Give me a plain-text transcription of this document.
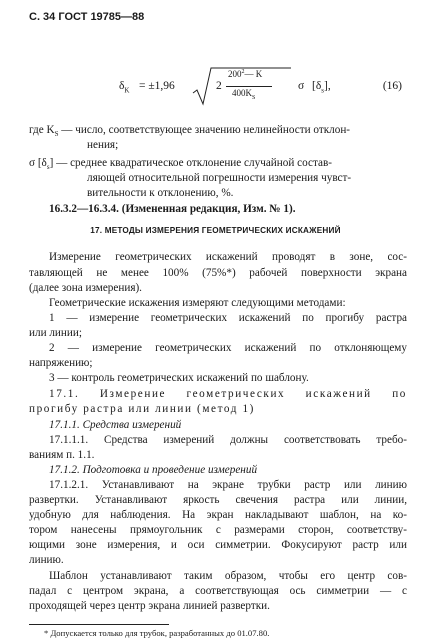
С. 34 ГОСТ 19785—88
$\delta_K = \pm 1,96$	2
$200^2—$ K
$400K_S$
σ $[\delta_s]$,	(16)
где $K_S$ — число, соответствующее значению нелинейности отклон-
нения;
σ $[\delta_s]$ — среднее квадратическое отклонение случайной состав-
ляющей относительной погрешности измерения чувст-
вительности к отклонению, %.
16.3.2—16.3.4. (Измененная редакция, Изм. № 1).
17. МЕТОДЫ ИЗМЕРЕНИЯ ГЕОМЕТРИЧЕСКИХ ИСКАЖЕНИЙ
Измерение геометрических искажений проводят в зоне, сос-
тавляющей не менее 100% (75%*) рабочей поверхности экрана
(далее зона измерения).
Геометрические искажения измеряют следующими методами:
1 — измерение геометрических искажений по прогибу растра
или линии;
2 — измерение геометрических искажений по отклоняющему
напряжению;
3 — контроль геометрических искажений по шаблону.
17.1. Измерение геометрических искажений по
прогибу растра или линии (метод 1)
17.1.1. Средства измерений
17.1.1.1. Средства измерений должны соответствовать требо-
ваниям п. 1.1.
17.1.2. Подготовка и проведение измерений
17.1.2.1. Устанавливают на экране трубки растр или линию
развертки. Устанавливают яркость свечения растра или линии,
удобную для наблюдения. На экран накладывают шаблон, на ко-
тором нанесены прямоугольник с размерами сторон, соответству-
ющими зоне измерения, и оси симметрии. Фокусируют растр или
линию.
Шаблон устанавливают таким образом, чтобы его центр сов-
падал с центром экрана, а соответствующая ось симметрии — с
проходящей через центр экрана линией развертки.
* Допускается только для трубок, разработанных до 01.07.80.
